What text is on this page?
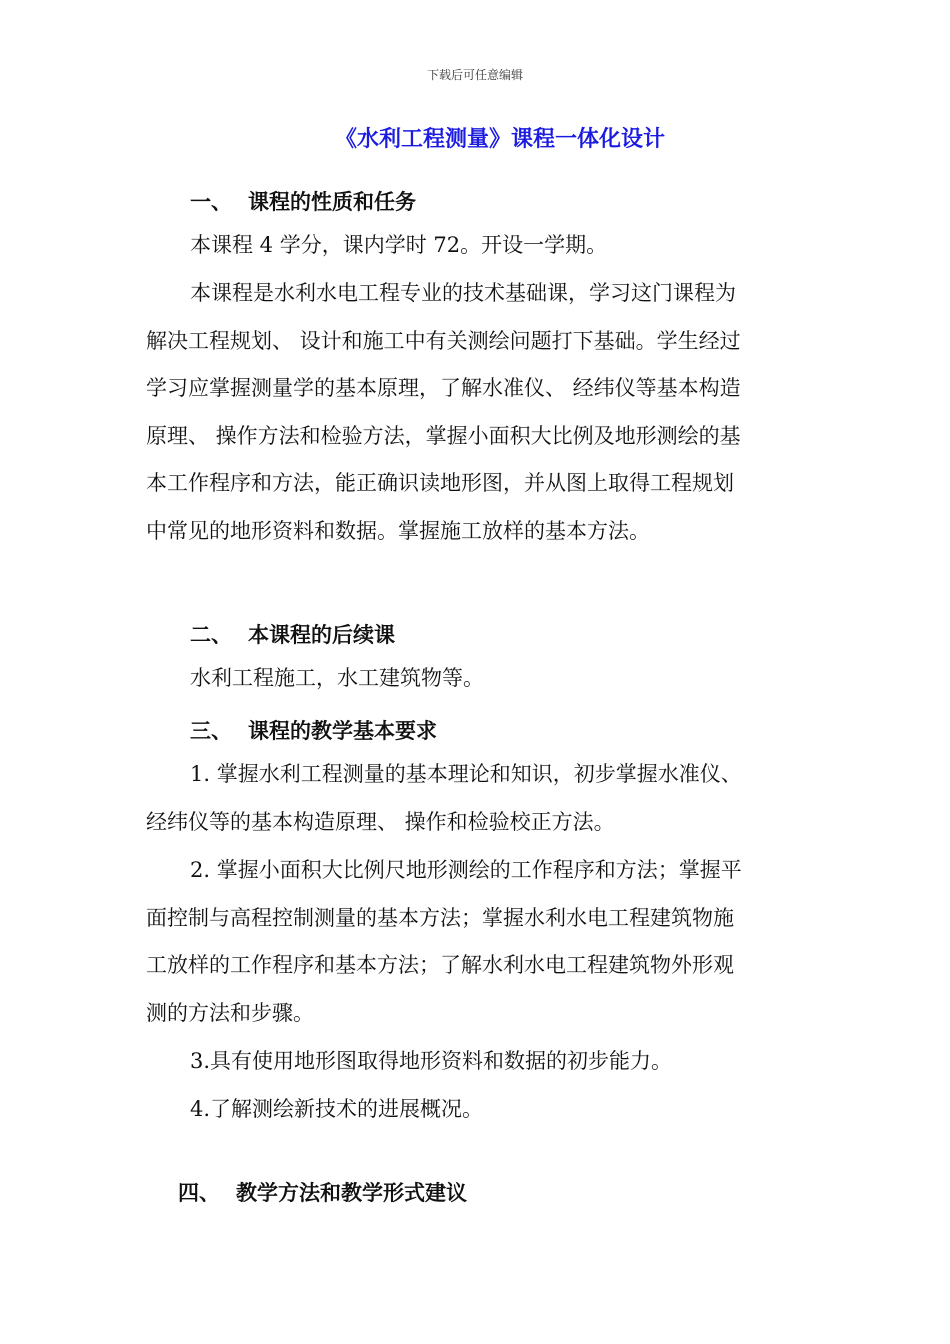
下载后可任意编辑
《水利工程测量》课程一体化设计
一、 课程的性质和任务
本课程 4 学分，课内学时 72。开设一学期。
本课程是水利水电工程专业的技术基础课，学习这门课程为
解决工程规划、 设计和施工中有关测绘问题打下基础。学生经过
学习应掌握测量学的基本原理，了解水准仪、 经纬仪等基本构造
原理、 操作方法和检验方法，掌握小面积大比例及地形测绘的基
本工作程序和方法，能正确识读地形图，并从图上取得工程规划
中常见的地形资料和数据。掌握施工放样的基本方法。
二、 本课程的后续课
水利工程施工，水工建筑物等。
三、 课程的教学基本要求
1. 掌握水利工程测量的基本理论和知识，初步掌握水准仪、
经纬仪等的基本构造原理、 操作和检验校正方法。
2. 掌握小面积大比例尺地形测绘的工作程序和方法；掌握平
面控制与高程控制测量的基本方法；掌握水利水电工程建筑物施
工放样的工作程序和基本方法；了解水利水电工程建筑物外形观
测的方法和步骤。
3.具有使用地形图取得地形资料和数据的初步能力。
4.了解测绘新技术的进展概况。
四、 教学方法和教学形式建议
